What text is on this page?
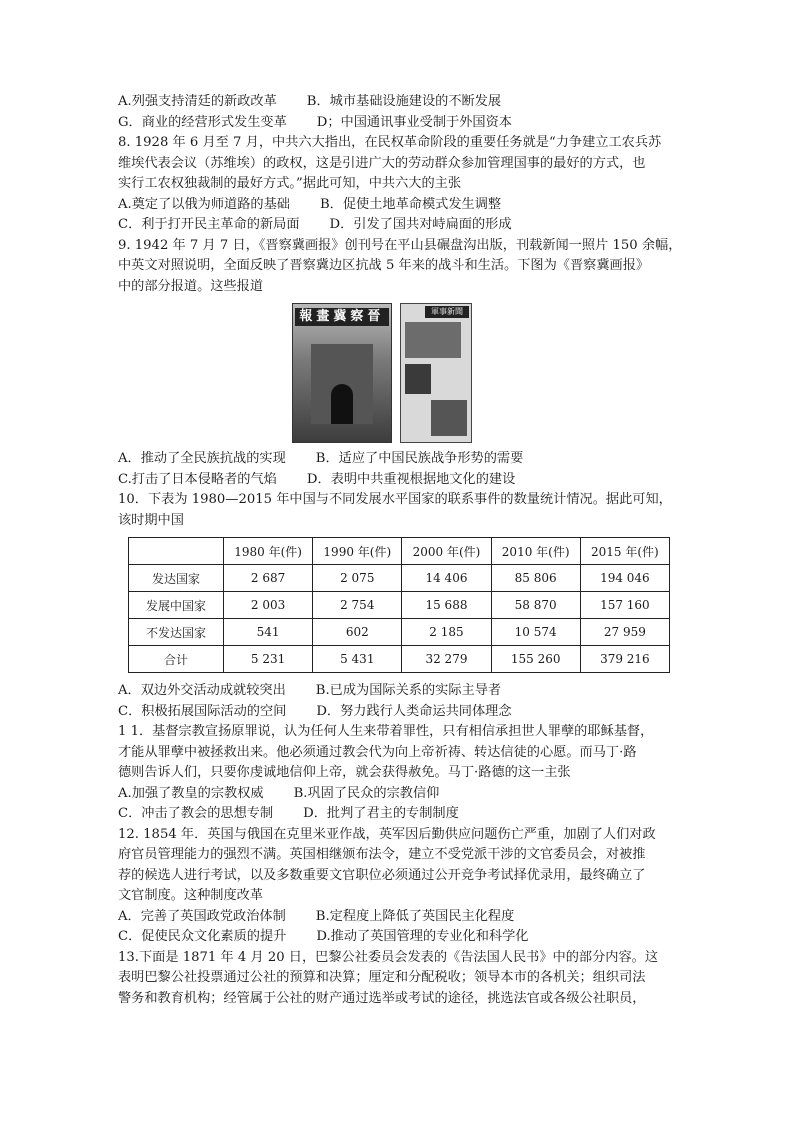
A.列强支持清廷的新政改革 B．城市基础设施建设的不断发展
G．商业的经营形式发生变革 D；中国通讯事业受制于外国资本
8. 1928 年 6 月至 7 月，中共六大指出，在民权革命阶段的重要任务就是“力争建立工农兵苏
维埃代表会议（苏维埃）的政权，这是引进广大的劳动群众参加管理国事的最好的方式，也
实行工农权独裁制的最好方式。”据此可知，中共六大的主张
A.奠定了以俄为师道路的基础 B．促使土地革命模式发生调整
C．利于打开民主革命的新局面 D．引发了国共对峙扁面的形成
9. 1942 年 7 月 7 日，《晋察冀画报》创刊号在平山县碾盘沟出版，刊载新闻一照片 150 余幅，
中英文对照说明，全面反映了晋察冀边区抗战 5 年来的战斗和生活。下图为《晋察冀画报》
中的部分报道。这些报道
報畫冀察晉	軍事新聞
A．推动了全民族抗战的实现 B．适应了中国民族战争形势的需要
C.打击了日本侵略者的气焰 D．表明中共重视根据地文化的建设
10．下表为 1980—2015 年中国与不同发展水平国家的联系事件的数量统计情况。据此可知，
该时期中国
	1980 年(件)	1990 年(件)	2000 年(件)	2010 年(件)	2015 年(件)
发达国家	2 687	2 075	14 406	85 806	194 046
发展中国家	2 003	2 754	15 688	58 870	157 160
不发达国家	541	602	2 185	10 574	27 959
合计	5 231	5 431	32 279	155 260	379 216
A．双边外交活动成就较突出 B.已成为国际关系的实际主导者
C．积极拓展国际活动的空间 D．努力践行人类命运共同体理念
1 1．基督宗教宣扬原罪说，认为任何人生来带着罪性，只有相信承担世人罪孽的耶稣基督，
才能从罪孽中被拯救出来。他必须通过教会代为向上帝祈祷、转达信徒的心愿。而马丁·路
德则告诉人们，只要你虔诚地信仰上帝，就会获得赦免。马丁·路德的这一主张
A.加强了教皇的宗教权威 B.巩固了民众的宗教信仰
C．冲击了教会的思想专制 D．批判了君主的专制制度
12. 1854 年．英国与俄国在克里米亚作战，英军因后勤供应问题伤亡严重，加剧了人们对政
府官员管理能力的强烈不满。英国相继颁布法令，建立不受党派干涉的文官委员会，对被推
荐的候选人进行考试，以及多数重要文官职位必须通过公开竞争考试择优录用，最终确立了
文官制度。这种制度改革
A．完善了英国政党政治体制 B.定程度上降低了英国民主化程度
C．促使民众文化素质的提升 D.推动了英国管理的专业化和科学化
13.下面是 1871 年 4 月 20 日，巴黎公社委员会发表的《告法国人民书》中的部分内容。这
表明巴黎公社投票通过公社的预算和决算；厘定和分配税收；领导本市的各机关；组织司法
警务和教育机构；经管属于公社的财产通过选举或考试的途径，挑选法官或各级公社职员，
